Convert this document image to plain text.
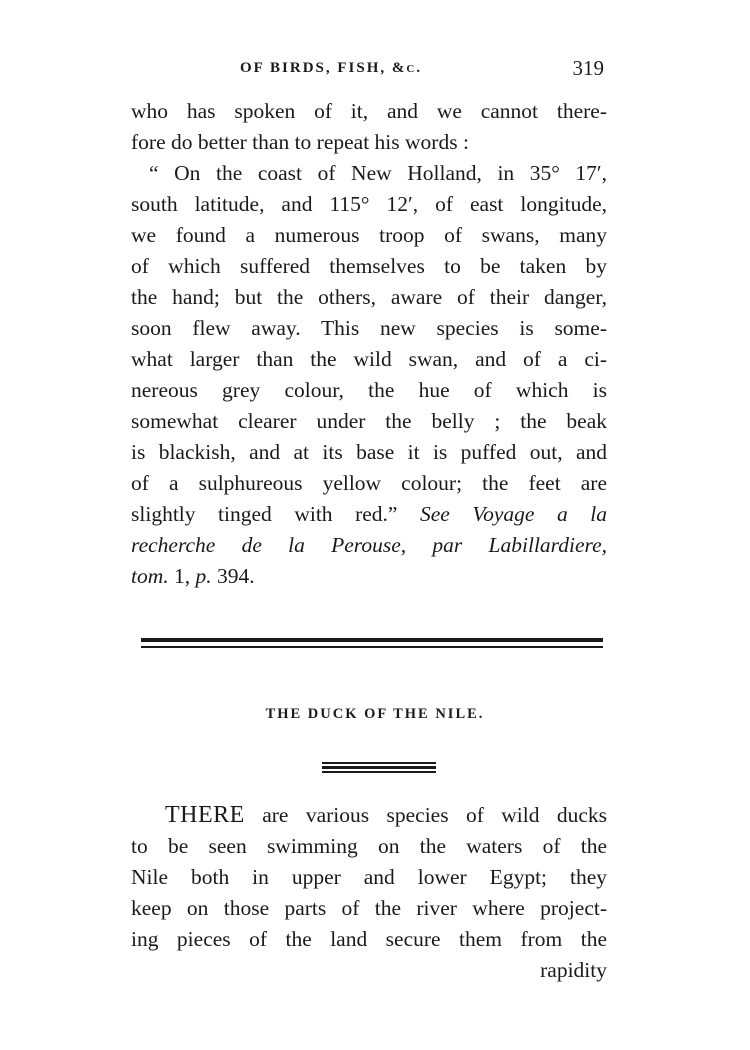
OF BIRDS, FISH, &c.	319
who has spoken of it, and we cannot there-
fore do better than to repeat his words :
“ On the coast of New Holland, in 35° 17′,
south latitude, and 115° 12′, of east longitude,
we found a numerous troop of swans, many
of which suffered themselves to be taken by
the hand; but the others, aware of their danger,
soon flew away. This new species is some-
what larger than the wild swan, and of a ci-
nereous grey colour, the hue of which is
somewhat clearer under the belly ; the beak
is blackish, and at its base it is puffed out, and
of a sulphureous yellow colour; the feet are
slightly tinged with red.” See Voyage a la
recherche de la Perouse, par Labillardiere,
tom. 1, p. 394.
THE DUCK OF THE NILE.
THERE are various species of wild ducks
to be seen swimming on the waters of the
Nile both in upper and lower Egypt; they
keep on those parts of the river where project-
ing pieces of the land secure them from the
rapidity
